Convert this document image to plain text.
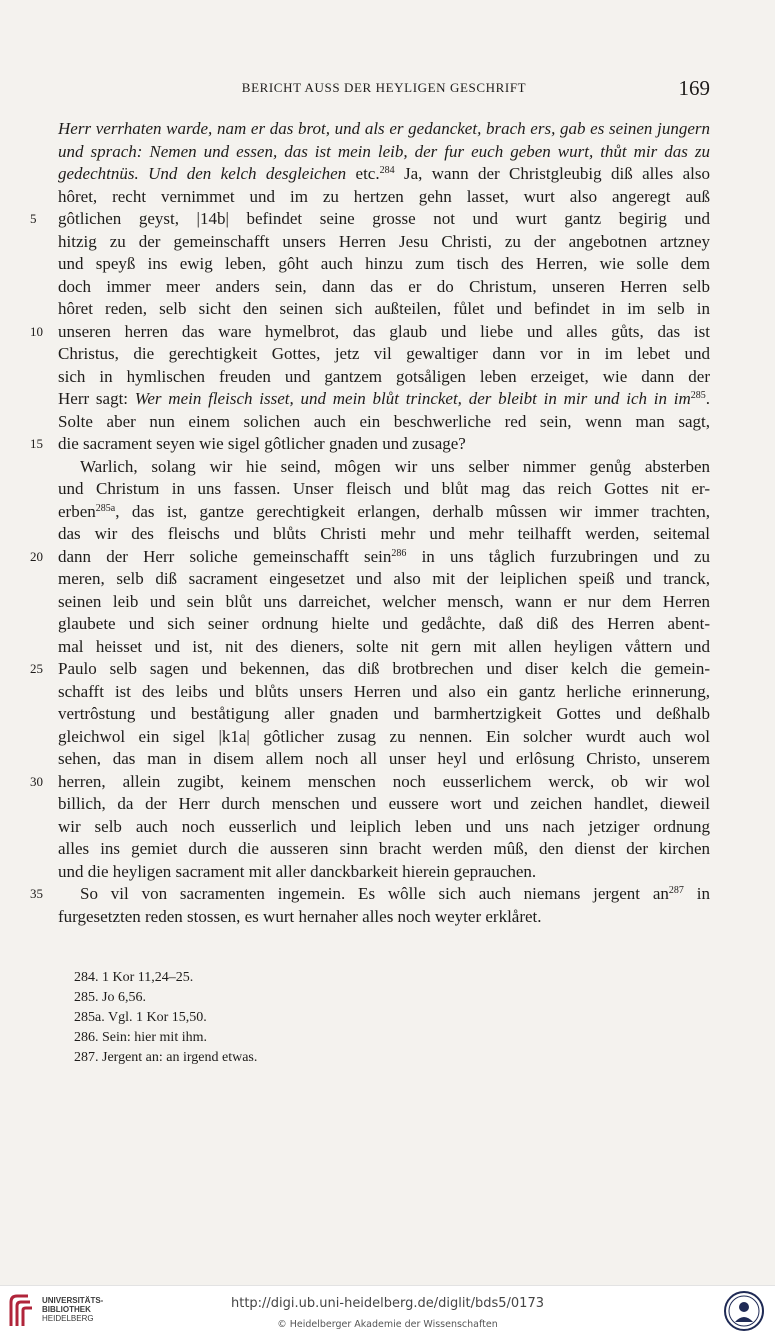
BERICHT AUSS DER HEYLIGEN GESCHRIFT	169
Herr verrhaten warde, nam er das brot, und als er gedancket, brach ers, gab es seinen jungern
und sprach: Nemen und essen, das ist mein leib, der fur euch geben wurt, thůt mir das zu
gedechtnüs. Und den kelch desgleichen etc.$^{284}$ Ja, wann der Christgleubig diß alles also
hôret, recht vernimmet und im zu hertzen gehn lasset, wurt also angeregt auß
5	gôtlichen geyst, |14b| befindet seine grosse not und wurt gantz begirig und
hitzig zu der gemeinschafft unsers Herren Jesu Christi, zu der angebotnen artzney
und speyß ins ewig leben, gôht auch hinzu zum tisch des Herren, wie solle dem
doch immer meer anders sein, dann das er do Christum, unseren Herren selb
hôret reden, selb sicht den seinen sich außteilen, fůlet und befindet in im selb in
10 unseren herren das ware hymelbrot, das glaub und liebe und alles gůts, das ist
Christus, die gerechtigkeit Gottes, jetz vil gewaltiger dann vor in im lebet und
sich in hymlischen freuden und gantzem gotsåligen leben erzeiget, wie dann der
Herr sagt: Wer mein fleisch isset, und mein blůt trincket, der bleibt in mir und ich in $im^{285}$.
Solte aber nun einem solichen auch ein beschwerliche red sein, wenn man sagt,
15 die sacrament seyen wie sigel gôtlicher gnaden und zusage?
Warlich, solang wir hie seind, môgen wir uns selber nimmer genůg absterben
und Christum in uns fassen. Unser fleisch und blůt mag das reich Gottes nit er-
erben$^{285a}$, das ist, gantze gerechtigkeit erlangen, derhalb mûssen wir immer trachten,
das wir des fleischs und blůts Christi mehr und mehr teilhafft werden, seitemal
20 dann der Herr soliche gemeinschafft sein$^{286}$ in uns tåglich furzubringen und zu
meren, selb diß sacrament eingesetzet und also mit der leiplichen speiß und tranck,
seinen leib und sein blůt uns darreichet, welcher mensch, wann er nur dem Herren
glaubete und sich seiner ordnung hielte und gedåchte, daß diß des Herren abent-
mal heisset und ist, nit des dieners, solte nit gern mit allen heyligen våttern und
25 Paulo selb sagen und bekennen, das diß brotbrechen und diser kelch die gemein-
schafft ist des leibs und blůts unsers Herren und also ein gantz herliche erinnerung,
vertrôstung und beståtigung aller gnaden und barmhertzigkeit Gottes und deßhalb
gleichwol ein sigel |k1a| gôtlicher zusag zu nennen. Ein solcher wurdt auch wol
sehen, das man in disem allem noch all unser heyl und erlôsung Christo, unserem
30 herren, allein zugibt, keinem menschen noch eusserlichem werck, ob wir wol
billich, da der Herr durch menschen und eussere wort und zeichen handlet, dieweil
wir selb auch noch eusserlich und leiplich leben und uns nach jetziger ordnung
alles ins gemiet durch die ausseren sinn bracht werden mûß, den dienst der kirchen
und die heyligen sacrament mit aller danckbarkeit hierein geprauchen.
35 So vil von sacramenten ingemein. Es wôlle sich auch niemans jergent $an^{287}$ in
furgesetzten reden stossen, es wurt hernaher alles noch weyter erklåret.
284. 1 Kor 11,24–25.
285. Jo 6,56.
285a. Vgl. 1 Kor 15,50.
286. Sein: hier mit ihm.
287. Jergent an: an irgend etwas.
UNIVERSITÄTS-
BIBLIOTHEK
HEIDELBERG
http://digi.ub.uni-heidelberg.de/diglit/bds5/0173
© Heidelberger Akademie der Wissenschaften
